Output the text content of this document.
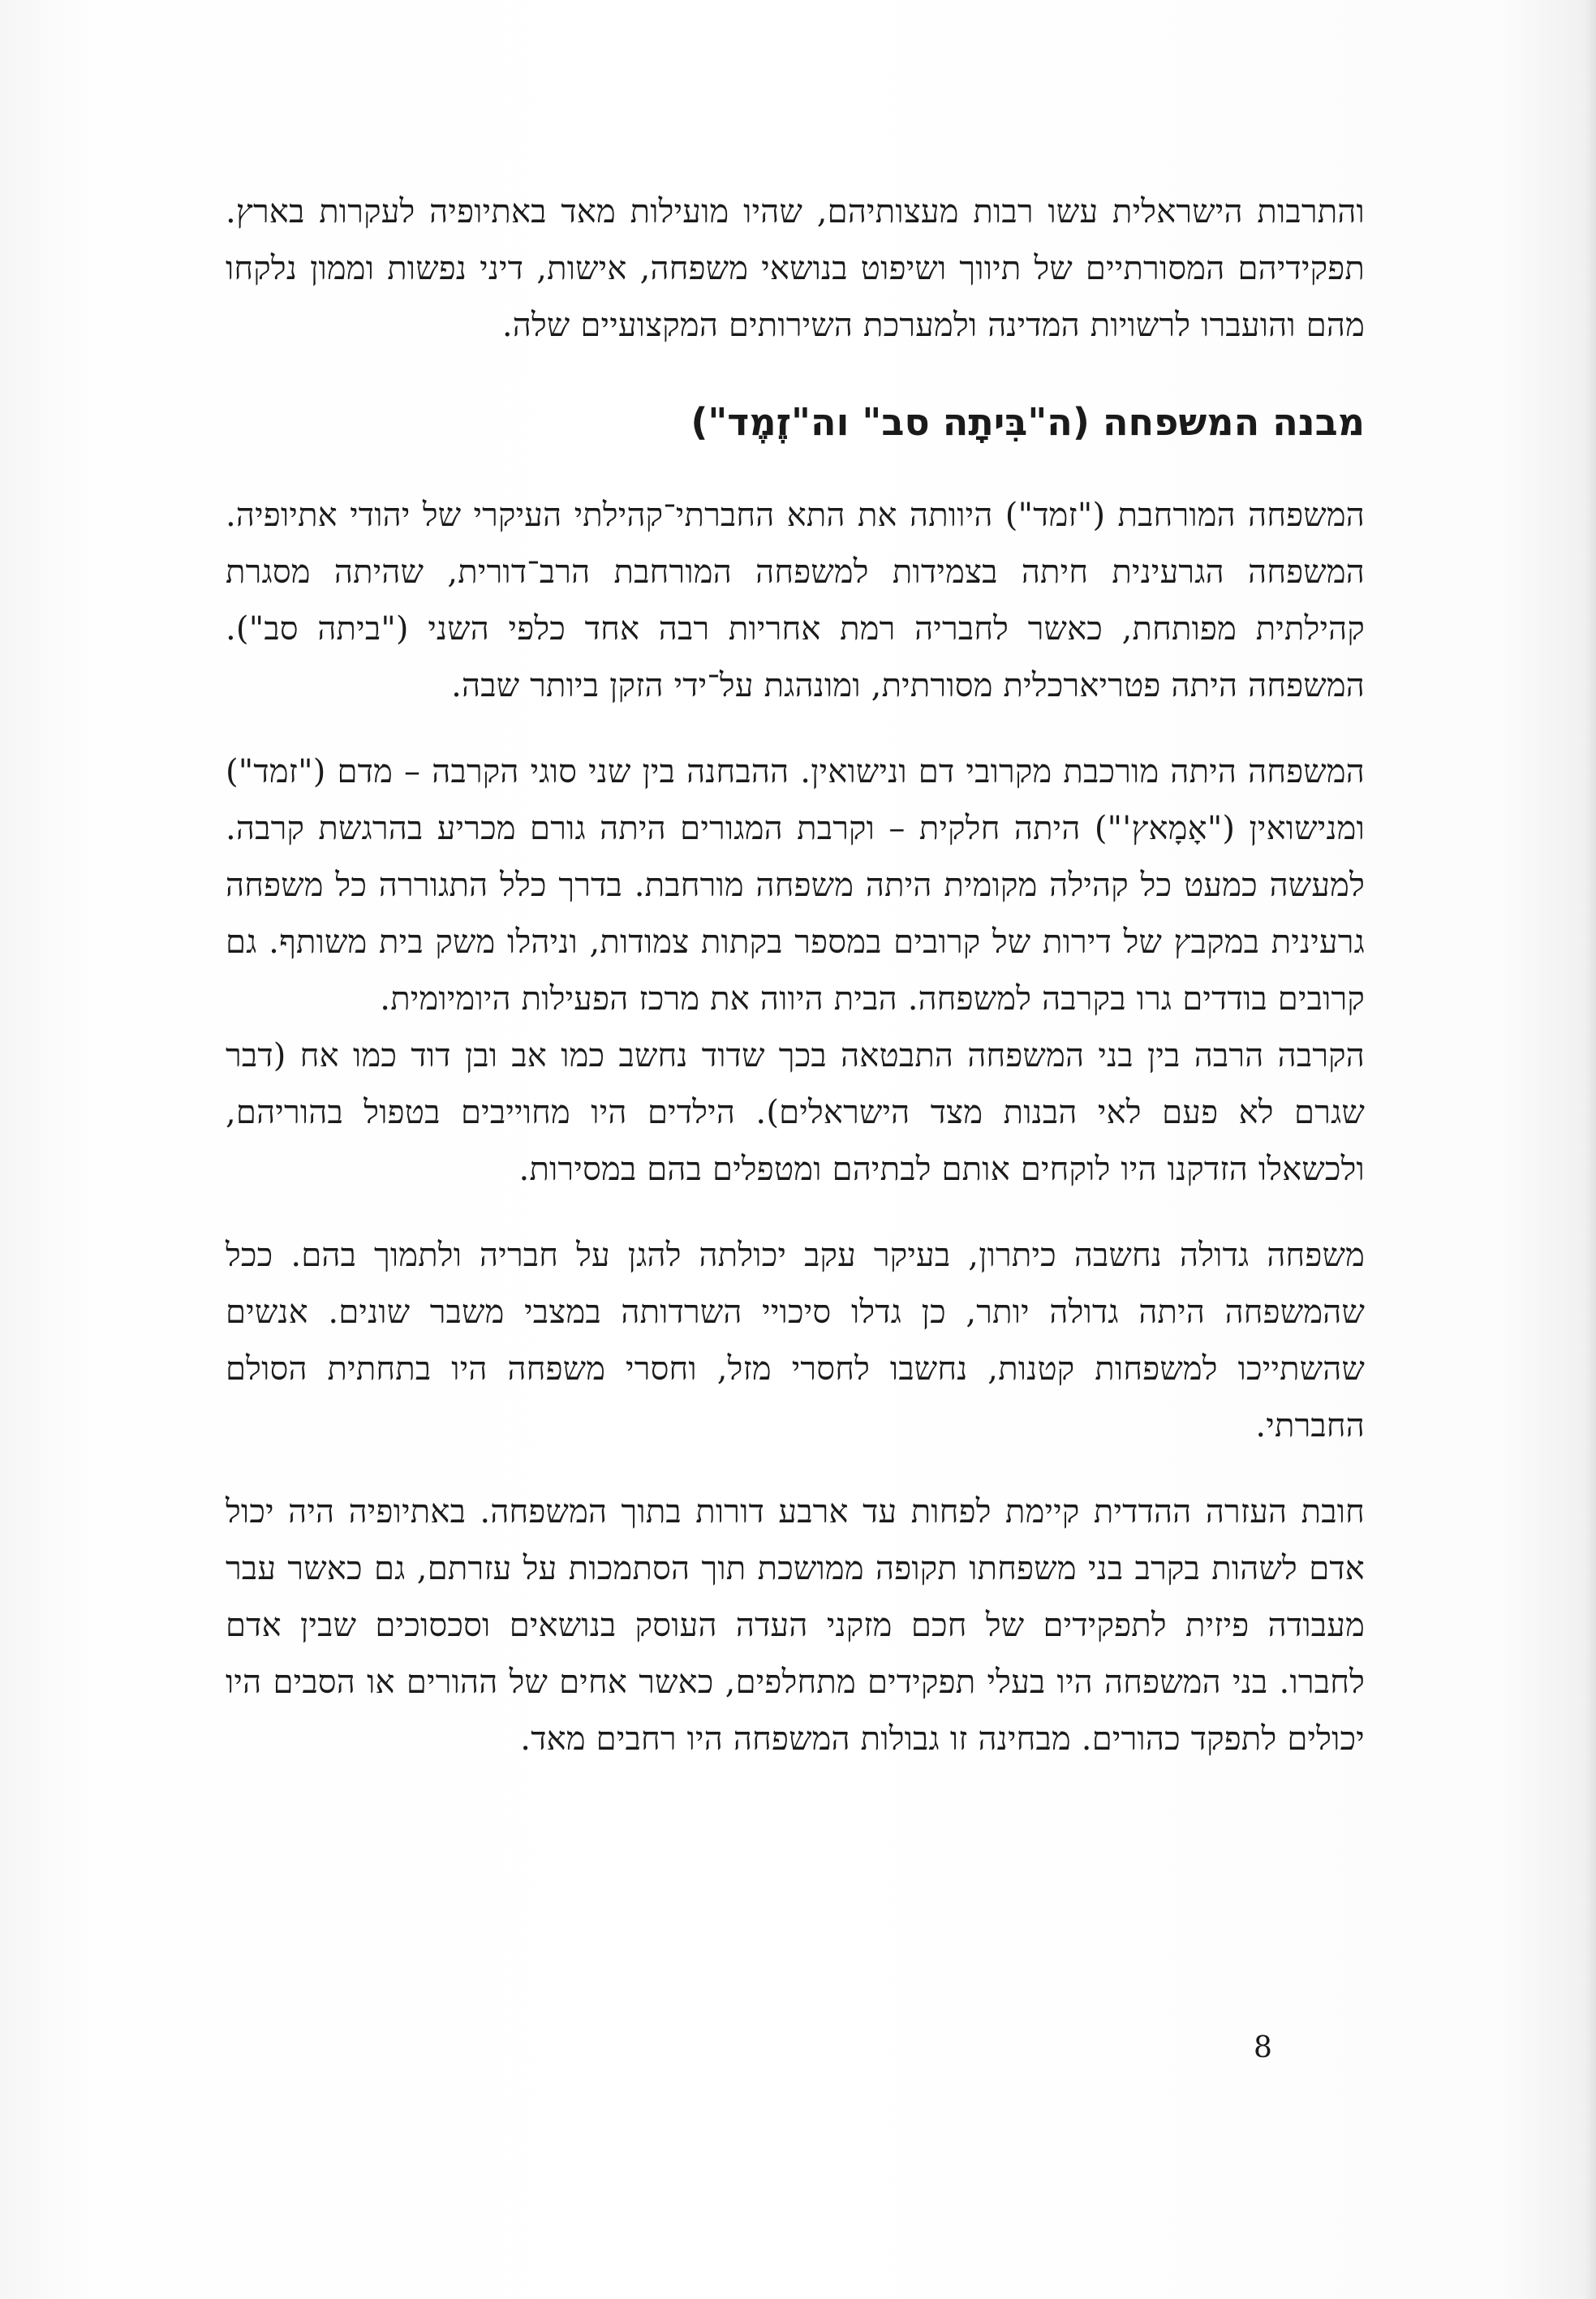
והתרבות הישראלית עשו רבות מעצותיהם, שהיו מועילות מאד באתיופיה לעקרות בארץ. תפקידיהם המסורתיים של תיווך ושיפוט בנושאי משפחה, אישות, דיני נפשות וממון נלקחו מהם והועברו לרשויות המדינה ולמערכת השירותים המקצועיים שלה.

מבנה המשפחה (ה"בִּיתָה סב" וה"זֶמֶד")

המשפחה המורחבת ("זמד") היוותה את התא החברתי־קהילתי העיקרי של יהודי אתיופיה. המשפחה הגרעינית חיתה בצמידות למשפחה המורחבת הרב־דורית, שהיתה מסגרת קהילתית מפותחת, כאשר לחבריה רמת אחריות רבה אחד כלפי השני ("ביתה סב"). המשפחה היתה פטריארכלית מסורתית, ומונהגת על־ידי הזקן ביותר שבה.

המשפחה היתה מורכבת מקרובי דם ונישואין. ההבחנה בין שני סוגי הקרבה – מדם ("זמד") ומנישואין ("אָמָאץ'") היתה חלקית – וקרבת המגורים היתה גורם מכריע בהרגשת קרבה. למעשה כמעט כל קהילה מקומית היתה משפחה מורחבת. בדרך כלל התגוררה כל משפחה גרעינית במקבץ של דירות של קרובים במספר בקתות צמודות, וניהלו משק בית משותף. גם קרובים בודדים גרו בקרבה למשפחה. הבית היווה את מרכז הפעילות היומיומית.

הקרבה הרבה בין בני המשפחה התבטאה בכך שדוד נחשב כמו אב ובן דוד כמו אח (דבר שגרם לא פעם לאי הבנות מצד הישראלים). הילדים היו מחוייבים בטפול בהוריהם, ולכשאלו הזדקנו היו לוקחים אותם לבתיהם ומטפלים בהם במסירות.

משפחה גדולה נחשבה כיתרון, בעיקר עקב יכולתה להגן על חבריה ולתמוך בהם. ככל שהמשפחה היתה גדולה יותר, כן גדלו סיכויי השרדותה במצבי משבר שונים. אנשים שהשתייכו למשפחות קטנות, נחשבו לחסרי מזל, וחסרי משפחה היו בתחתית הסולם החברתי.

חובת העזרה ההדדית קיימת לפחות עד ארבע דורות בתוך המשפחה. באתיופיה היה יכול אדם לשהות בקרב בני משפחתו תקופה ממושכת תוך הסתמכות על עזרתם, גם כאשר עבר מעבודה פיזית לתפקידים של חכם מזקני העדה העוסק בנושאים וסכסוכים שבין אדם לחברו. בני המשפחה היו בעלי תפקידים מתחלפים, כאשר אחים של ההורים או הסבים היו יכולים לתפקד כהורים. מבחינה זו גבולות המשפחה היו רחבים מאד.

8
